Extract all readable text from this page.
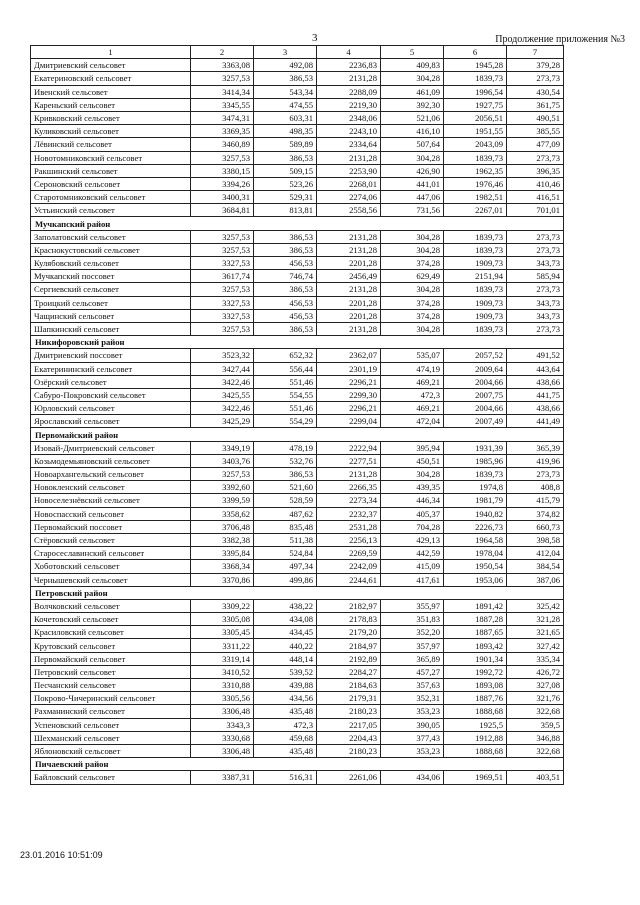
3	Продолжение приложения №3
1	2	3	4	5	6	7
Дмитриевский сельсовет	3363,08	492,08	2236,83	409,83	1945,28	379,28
Екатериновский сельсовет	3257,53	386,53	2131,28	304,28	1839,73	273,73
Ивенский сельсовет	3414,34	543,34	2288,09	461,09	1996,54	430,54
Кареньский сельсовет	3345,55	474,55	2219,30	392,30	1927,75	361,75
Кривковский сельсовет	3474,31	603,31	2348,06	521,06	2056,51	490,51
Куликовский сельсовет	3369,35	498,35	2243,10	416,10	1951,55	385,55
Лёвинский сельсовет	3460,89	589,89	2334,64	507,64	2043,09	477,09
Новотомниковский сельсовет	3257,53	386,53	2131,28	304,28	1839,73	273,73
Ракшинский сельсовет	3380,15	509,15	2253,90	426,90	1962,35	396,35
Сероновский сельсовет	3394,26	523,26	2268,01	441,01	1976,46	410,46
Старотомниковский сельсовет	3400,31	529,31	2274,06	447,06	1982,51	416,51
Устьинский сельсовет	3684,81	813,81	2558,56	731,56	2267,01	701,01
Мучкапский район						
Заполатовский сельсовет	3257,53	386,53	2131,28	304,28	1839,73	273,73
Краснокустовский сельсовет	3257,53	386,53	2131,28	304,28	1839,73	273,73
Кулябовский сельсовет	3327,53	456,53	2201,28	374,28	1909,73	343,73
Мучкапский поссовет	3617,74	746,74	2456,49	629,49	2151,94	585,94
Сергиевский сельсовет	3257,53	386,53	2131,28	304,28	1839,73	273,73
Троицкий сельсовет	3327,53	456,53	2201,28	374,28	1909,73	343,73
Чащинский сельсовет	3327,53	456,53	2201,28	374,28	1909,73	343,73
Шапкинский сельсовет	3257,53	386,53	2131,28	304,28	1839,73	273,73
Никифоровский район						
Дмитриевский поссовет	3523,32	652,32	2362,07	535,07	2057,52	491,52
Екатерининский сельсовет	3427,44	556,44	2301,19	474,19	2009,64	443,64
Озёрский сельсовет	3422,46	551,46	2296,21	469,21	2004,66	438,66
Сабуро-Покровский сельсовет	3425,55	554,55	2299,30	472,3	2007,75	441,75
Юрловский сельсовет	3422,46	551,46	2296,21	469,21	2004,66	438,66
Ярославский сельсовет	3425,29	554,29	2299,04	472,04	2007,49	441,49
Первомайский район						
Изовай-Дмитриевский сельсовет	3349,19	478,19	2222,94	395,94	1931,39	365,39
Козьмодемьяновский сельсовет	3403,76	532,76	2277,51	450,51	1985,96	419,96
Новоархангельский сельсовет	3257,53	386,53	2131,28	304,28	1839,73	273,73
Новокленский сельсовет	3392,60	521,60	2266,35	439,35	1974,8	408,8
Новоселезнёвский сельсовет	3399,59	528,59	2273,34	446,34	1981,79	415,79
Новоспасский сельсовет	3358,62	487,62	2232,37	405,37	1940,82	374,82
Первомайский поссовет	3706,48	835,48	2531,28	704,28	2226,73	660,73
Стёровский сельсовет	3382,38	511,38	2256,13	429,13	1964,58	398,58
Старосеславинский сельсовет	3395,84	524,84	2269,59	442,59	1978,04	412,04
Хоботовский сельсовет	3368,34	497,34	2242,09	415,09	1950,54	384,54
Чернышевский сельсовет	3370,86	499,86	2244,61	417,61	1953,06	387,06
Петровский район						
Волчковский сельсовет	3309,22	438,22	2182,97	355,97	1891,42	325,42
Кочетовский сельсовет	3305,08	434,08	2178,83	351,83	1887,28	321,28
Красиловский сельсовет	3305,45	434,45	2179,20	352,20	1887,65	321,65
Крутовский сельсовет	3311,22	440,22	2184,97	357,97	1893,42	327,42
Первомайский сельсовет	3319,14	448,14	2192,89	365,89	1901,34	335,34
Петровский сельсовет	3410,52	539,52	2284,27	457,27	1992,72	426,72
Песчанский сельсовет	3310,88	439,88	2184,63	357,63	1893,08	327,08
Покрово-Чичеринский сельсовет	3305,56	434,56	2179,31	352,31	1887,76	321,76
Рахманинский сельсовет	3306,48	435,48	2180,23	353,23	1888,68	322,68
Успеновский сельсовет	3343,3	472,3	2217,05	390,05	1925,5	359,5
Шехманский сельсовет	3330,68	459,68	2204,43	377,43	1912,88	346,88
Яблоновский сельсовет	3306,48	435,48	2180,23	353,23	1888,68	322,68
Пичаевский район						
Байловский сельсовет	3387,31	516,31	2261,06	434,06	1969,51	403,51
23.01.2016 10:51:09
